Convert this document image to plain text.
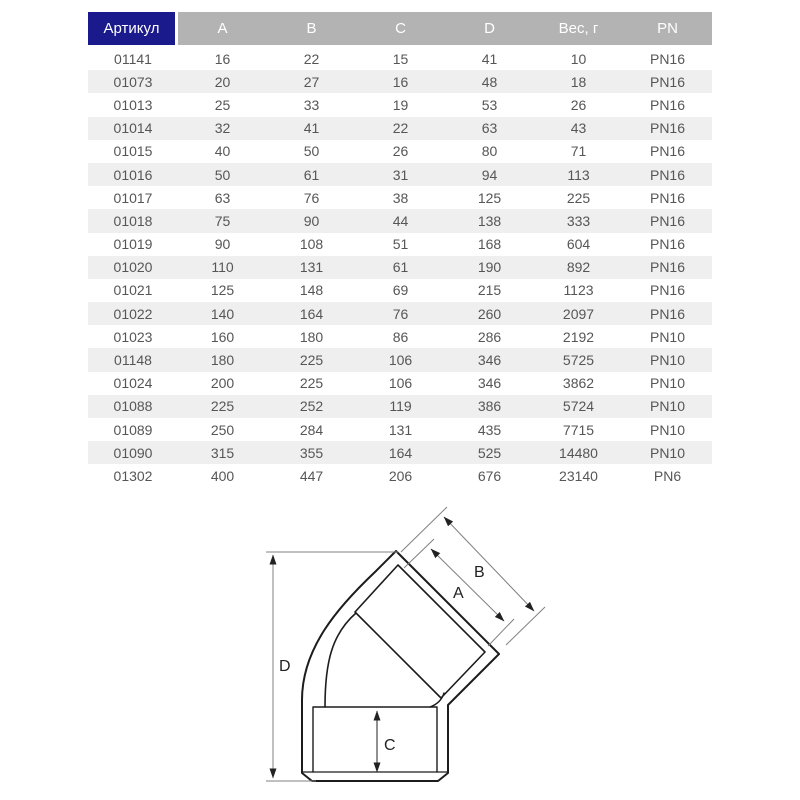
Артикул	A	B	C	D	Вес, г	PN
01141	16	22	15	41	10	PN16
01073	20	27	16	48	18	PN16
01013	25	33	19	53	26	PN16
01014	32	41	22	63	43	PN16
01015	40	50	26	80	71	PN16
01016	50	61	31	94	113	PN16
01017	63	76	38	125	225	PN16
01018	75	90	44	138	333	PN16
01019	90	108	51	168	604	PN16
01020	110	131	61	190	892	PN16
01021	125	148	69	215	1123	PN16
01022	140	164	76	260	2097	PN16
01023	160	180	86	286	2192	PN10
01148	180	225	106	346	5725	PN10
01024	200	225	106	346	3862	PN10
01088	225	252	119	386	5724	PN10
01089	250	284	131	435	7715	PN10
01090	315	355	164	525	14480	PN10
01302	400	447	206	676	23140	PN6
D
C
A
B
